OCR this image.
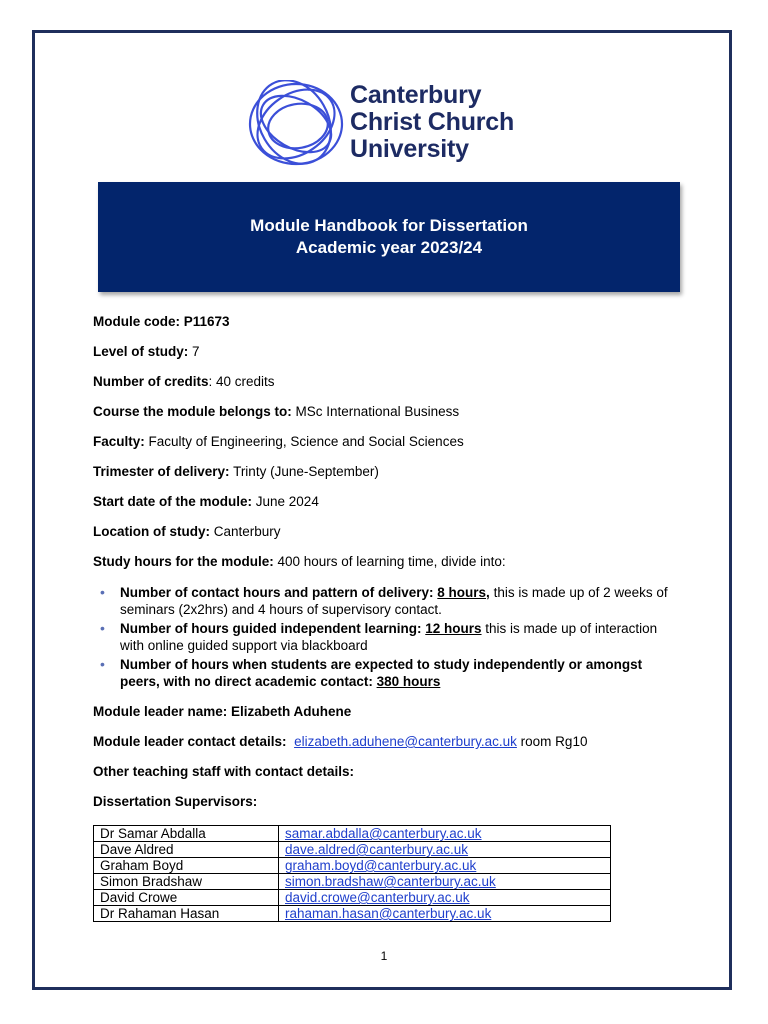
Canterbury
Christ Church
University
Module Handbook for Dissertation
Academic year 2023/24
Module code: P11673
Level of study: 7
Number of credits: 40 credits
Course the module belongs to: MSc International Business
Faculty: Faculty of Engineering, Science and Social Sciences
Trimester of delivery: Trinty (June-September)
Start date of the module: June 2024
Location of study: Canterbury
Study hours for the module: 400 hours of learning time, divide into:
• Number of contact hours and pattern of delivery: 8 hours, this is made up of 2 weeks of seminars (2x2hrs) and 4 hours of supervisory contact.
• Number of hours guided independent learning: 12 hours this is made up of interaction with online guided support via blackboard
• Number of hours when students are expected to study independently or amongst peers, with no direct academic contact: 380 hours
Module leader name: Elizabeth Aduhene
Module leader contact details: elizabeth.aduhene@canterbury.ac.uk room Rg10
Other teaching staff with contact details:
Dissertation Supervisors:
Dr Samar Abdalla	samar.abdalla@canterbury.ac.uk
Dave Aldred	dave.aldred@canterbury.ac.uk
Graham Boyd	graham.boyd@canterbury.ac.uk
Simon Bradshaw	simon.bradshaw@canterbury.ac.uk
David Crowe	david.crowe@canterbury.ac.uk
Dr Rahaman Hasan	rahaman.hasan@canterbury.ac.uk
1
